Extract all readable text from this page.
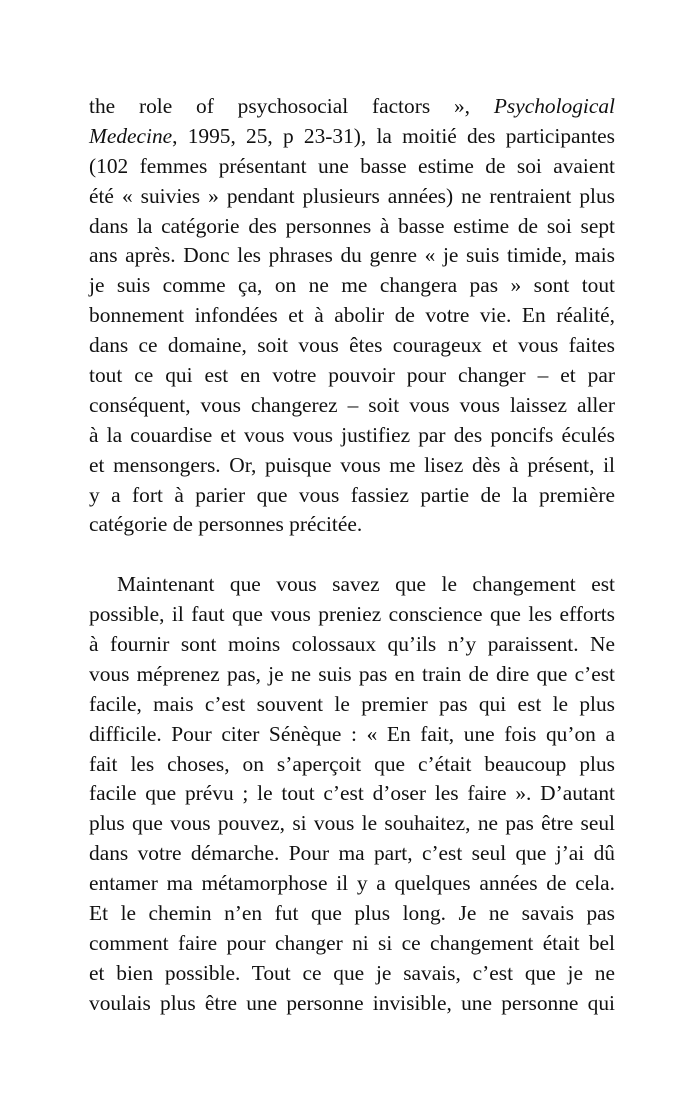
the role of psychosocial factors », Psychological
Medecine, 1995, 25, p 23-31), la moitié des participantes
(102 femmes présentant une basse estime de soi avaient
été « suivies » pendant plusieurs années) ne rentraient plus
dans la catégorie des personnes à basse estime de soi sept
ans après. Donc les phrases du genre « je suis timide, mais
je suis comme ça, on ne me changera pas » sont tout
bonnement infondées et à abolir de votre vie. En réalité,
dans ce domaine, soit vous êtes courageux et vous faites
tout ce qui est en votre pouvoir pour changer – et par
conséquent, vous changerez – soit vous vous laissez aller
à la couardise et vous vous justifiez par des poncifs éculés
et mensongers. Or, puisque vous me lisez dès à présent, il
y a fort à parier que vous fassiez partie de la première
catégorie de personnes précitée.
Maintenant que vous savez que le changement est
possible, il faut que vous preniez conscience que les efforts
à fournir sont moins colossaux qu’ils n’y paraissent. Ne
vous méprenez pas, je ne suis pas en train de dire que c’est
facile, mais c’est souvent le premier pas qui est le plus
difficile. Pour citer Sénèque : « En fait, une fois qu’on a
fait les choses, on s’aperçoit que c’était beaucoup plus
facile que prévu ; le tout c’est d’oser les faire ». D’autant
plus que vous pouvez, si vous le souhaitez, ne pas être seul
dans votre démarche. Pour ma part, c’est seul que j’ai dû
entamer ma métamorphose il y a quelques années de cela.
Et le chemin n’en fut que plus long. Je ne savais pas
comment faire pour changer ni si ce changement était bel
et bien possible. Tout ce que je savais, c’est que je ne
voulais plus être une personne invisible, une personne qui
